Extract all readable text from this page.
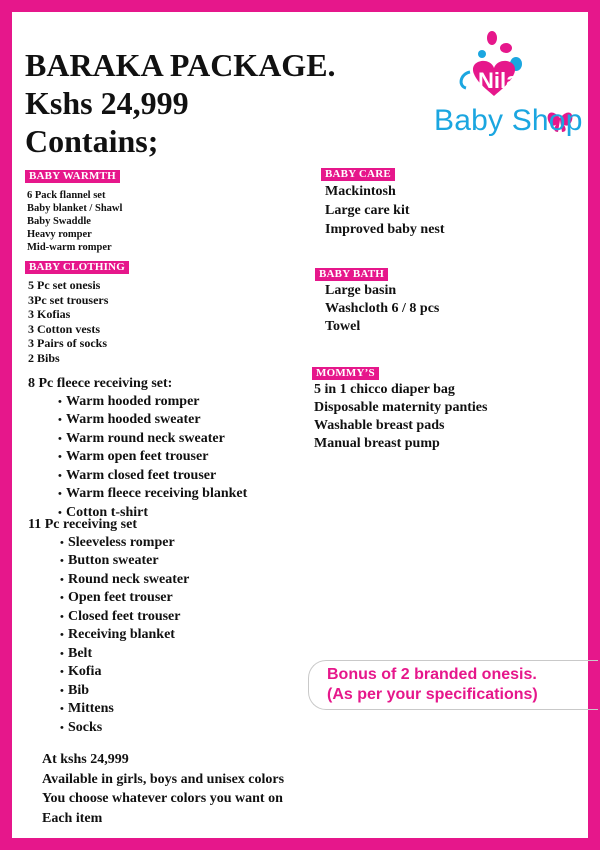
BARAKA PACKAGE.
Kshs 24,999
Contains;
Nila
Baby Shop
BABY WARMTH
6 Pack flannel set
Baby blanket / Shawl
Baby Swaddle
Heavy romper
Mid-warm romper
BABY CLOTHING
5 Pc set onesis
3Pc set trousers
3 Kofias
3 Cotton vests
3 Pairs of socks
2 Bibs
8 Pc fleece receiving set:
• Warm hooded romper
• Warm hooded sweater
• Warm round neck sweater
• Warm open feet trouser
• Warm closed feet trouser
• Warm fleece receiving blanket
• Cotton t-shirt
11 Pc receiving set
• Sleeveless romper
• Button sweater
• Round neck sweater
• Open feet trouser
• Closed feet trouser
• Receiving blanket
• Belt
• Kofia
• Bib
• Mittens
• Socks
BABY CARE
Mackintosh
Large care kit
Improved baby nest
BABY BATH
Large basin
Washcloth 6 / 8 pcs
Towel
MOMMY’S
5 in 1 chicco diaper bag
Disposable maternity panties
Washable breast pads
Manual breast pump
Bonus of 2 branded onesis.
(As per your specifications)
At kshs 24,999
Available in girls, boys and unisex colors
You choose whatever colors you want on
Each item
